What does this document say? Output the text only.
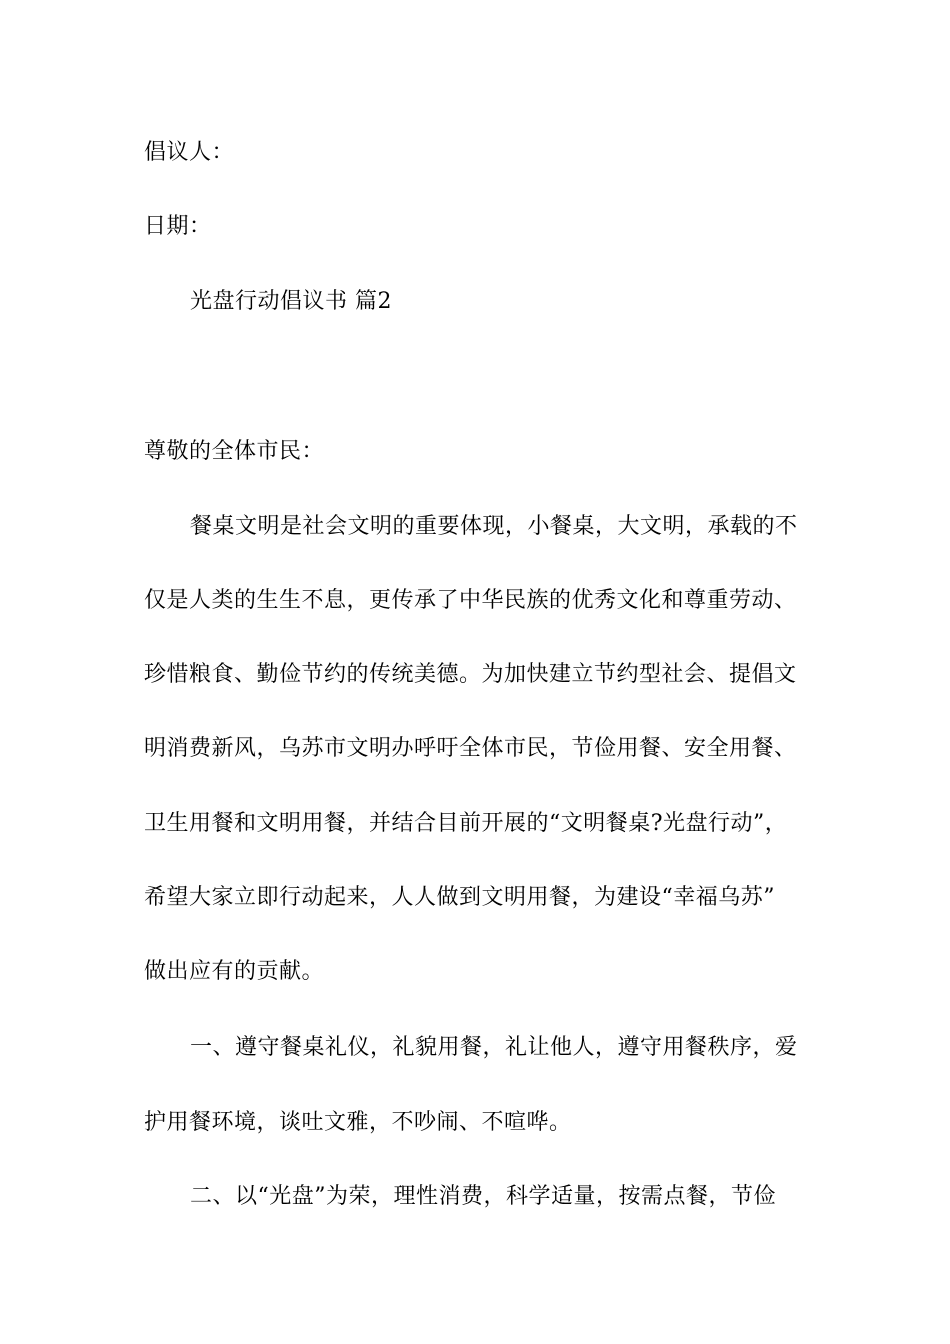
倡议人：
日期：
光盘行动倡议书 篇2
尊敬的全体市民：
餐桌文明是社会文明的重要体现，小餐桌，大文明，承载的不
仅是人类的生生不息，更传承了中华民族的优秀文化和尊重劳动、
珍惜粮食、勤俭节约的传统美德。为加快建立节约型社会、提倡文
明消费新风，乌苏市文明办呼吁全体市民，节俭用餐、安全用餐、
卫生用餐和文明用餐，并结合目前开展的“文明餐桌?光盘行动”，
希望大家立即行动起来，人人做到文明用餐，为建设“幸福乌苏”
做出应有的贡献。
一、遵守餐桌礼仪，礼貌用餐，礼让他人，遵守用餐秩序，爱
护用餐环境，谈吐文雅，不吵闹、不喧哗。
二、以“光盘”为荣，理性消费，科学适量，按需点餐，节俭
